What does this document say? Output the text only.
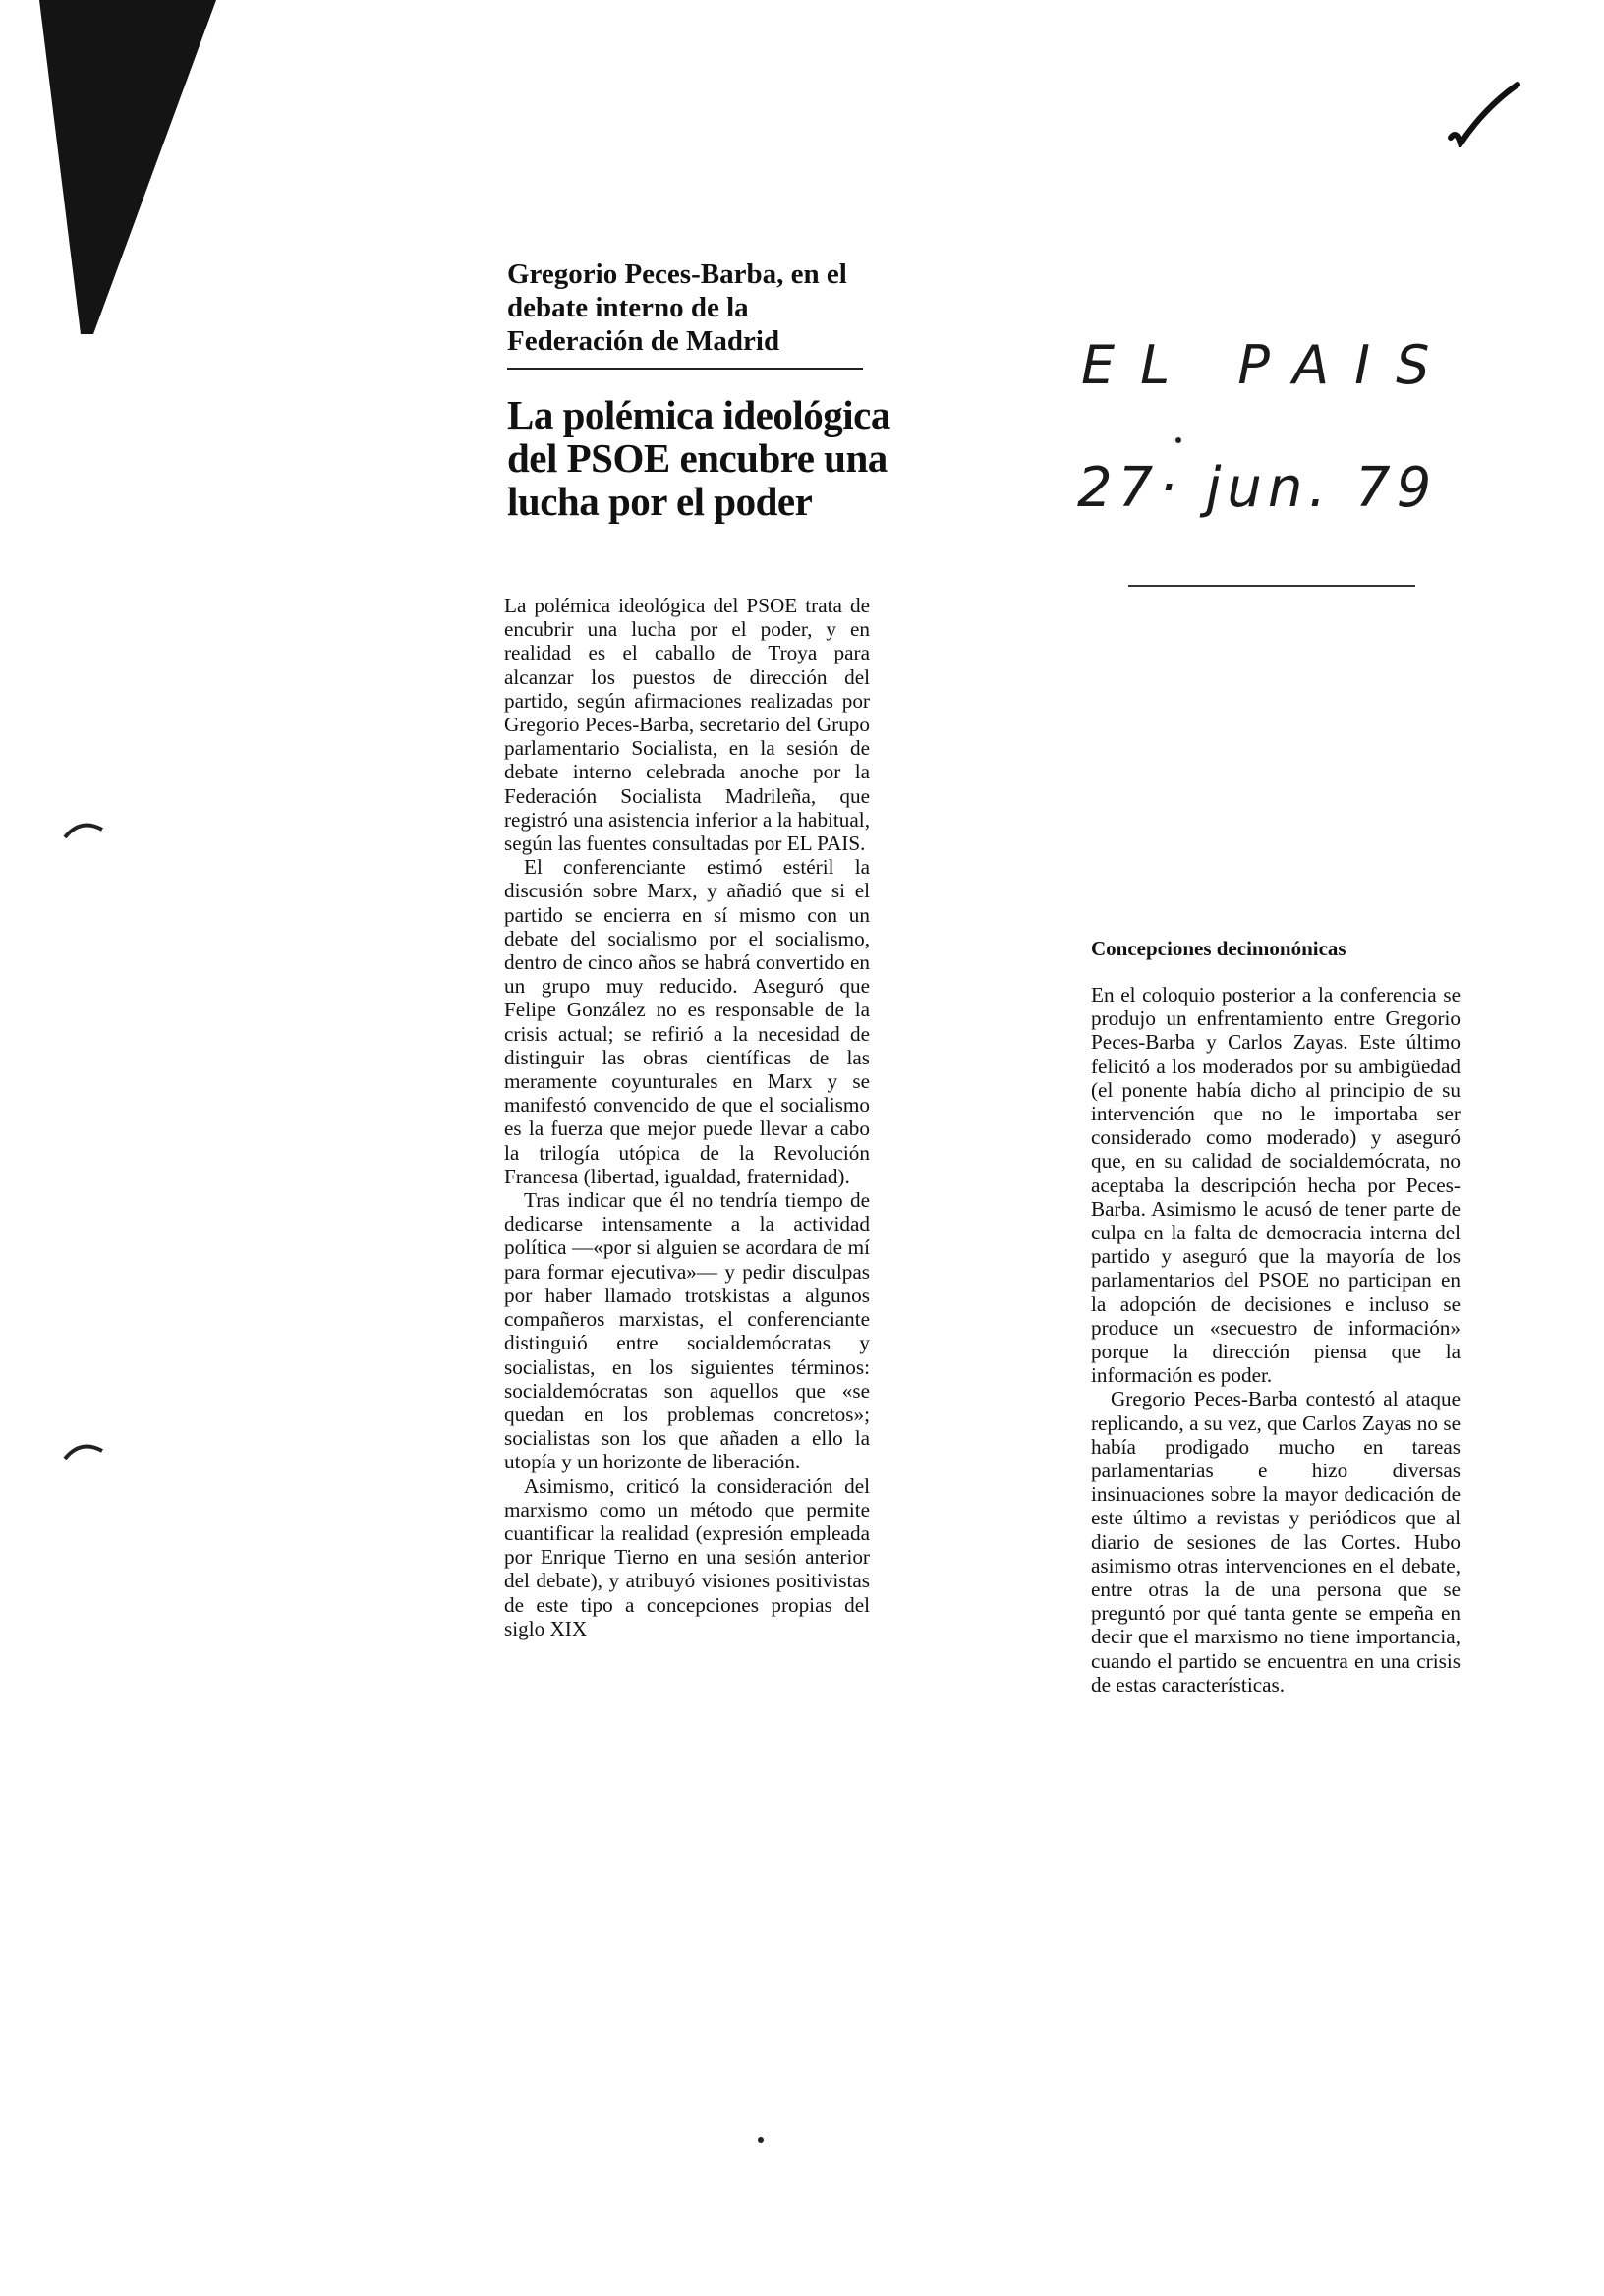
EL PAIS
27· jun. 79
Gregorio Peces-Barba, en el debate interno de la Federación de Madrid
La polémica ideológica del PSOE encubre una lucha por el poder

La polémica ideológica del PSOE trata de encubrir una lucha por el poder, y en realidad es el caballo de Troya para alcanzar los puestos de dirección del partido, según afirmaciones realizadas por Gregorio Peces-Barba, secretario del Grupo parlamentario Socialista, en la sesión de debate interno celebrada anoche por la Federación Socialista Madrileña, que registró una asistencia inferior a la habitual, según las fuentes consultadas por EL PAIS.

El conferenciante estimó estéril la discusión sobre Marx, y añadió que si el partido se encierra en sí mismo con un debate del socialismo por el socialismo, dentro de cinco años se habrá convertido en un grupo muy reducido. Aseguró que Felipe González no es responsable de la crisis actual; se refirió a la necesidad de distinguir las obras científicas de las meramente coyunturales en Marx y se manifestó convencido de que el socialismo es la fuerza que mejor puede llevar a cabo la trilogía utópica de la Revolución Francesa (libertad, igualdad, fraternidad).

Tras indicar que él no tendría tiempo de dedicarse intensamente a la actividad política —«por si alguien se acordara de mí para formar ejecutiva»— y pedir disculpas por haber llamado trotskistas a algunos compañeros marxistas, el conferenciante distinguió entre socialdemócratas y socialistas, en los siguientes términos: socialdemócratas son aquellos que «se quedan en los problemas concretos»; socialistas son los que añaden a ello la utopía y un horizonte de liberación.

Asimismo, criticó la consideración del marxismo como un método que permite cuantificar la realidad (expresión empleada por Enrique Tierno en una sesión anterior del debate), y atribuyó visiones positivistas de este tipo a concepciones propias del siglo XIX

Concepciones decimonónicas

En el coloquio posterior a la conferencia se produjo un enfrentamiento entre Gregorio Peces-Barba y Carlos Zayas. Este último felicitó a los moderados por su ambigüedad (el ponente había dicho al principio de su intervención que no le importaba ser considerado como moderado) y aseguró que, en su calidad de socialdemócrata, no aceptaba la descripción hecha por Peces-Barba. Asimismo le acusó de tener parte de culpa en la falta de democracia interna del partido y aseguró que la mayoría de los parlamentarios del PSOE no participan en la adopción de decisiones e incluso se produce un «secuestro de información» porque la dirección piensa que la información es poder.

Gregorio Peces-Barba contestó al ataque replicando, a su vez, que Carlos Zayas no se había prodigado mucho en tareas parlamentarias e hizo diversas insinuaciones sobre la mayor dedicación de este último a revistas y periódicos que al diario de sesiones de las Cortes. Hubo asimismo otras intervenciones en el debate, entre otras la de una persona que se preguntó por qué tanta gente se empeña en decir que el marxismo no tiene importancia, cuando el partido se encuentra en una crisis de estas características.
